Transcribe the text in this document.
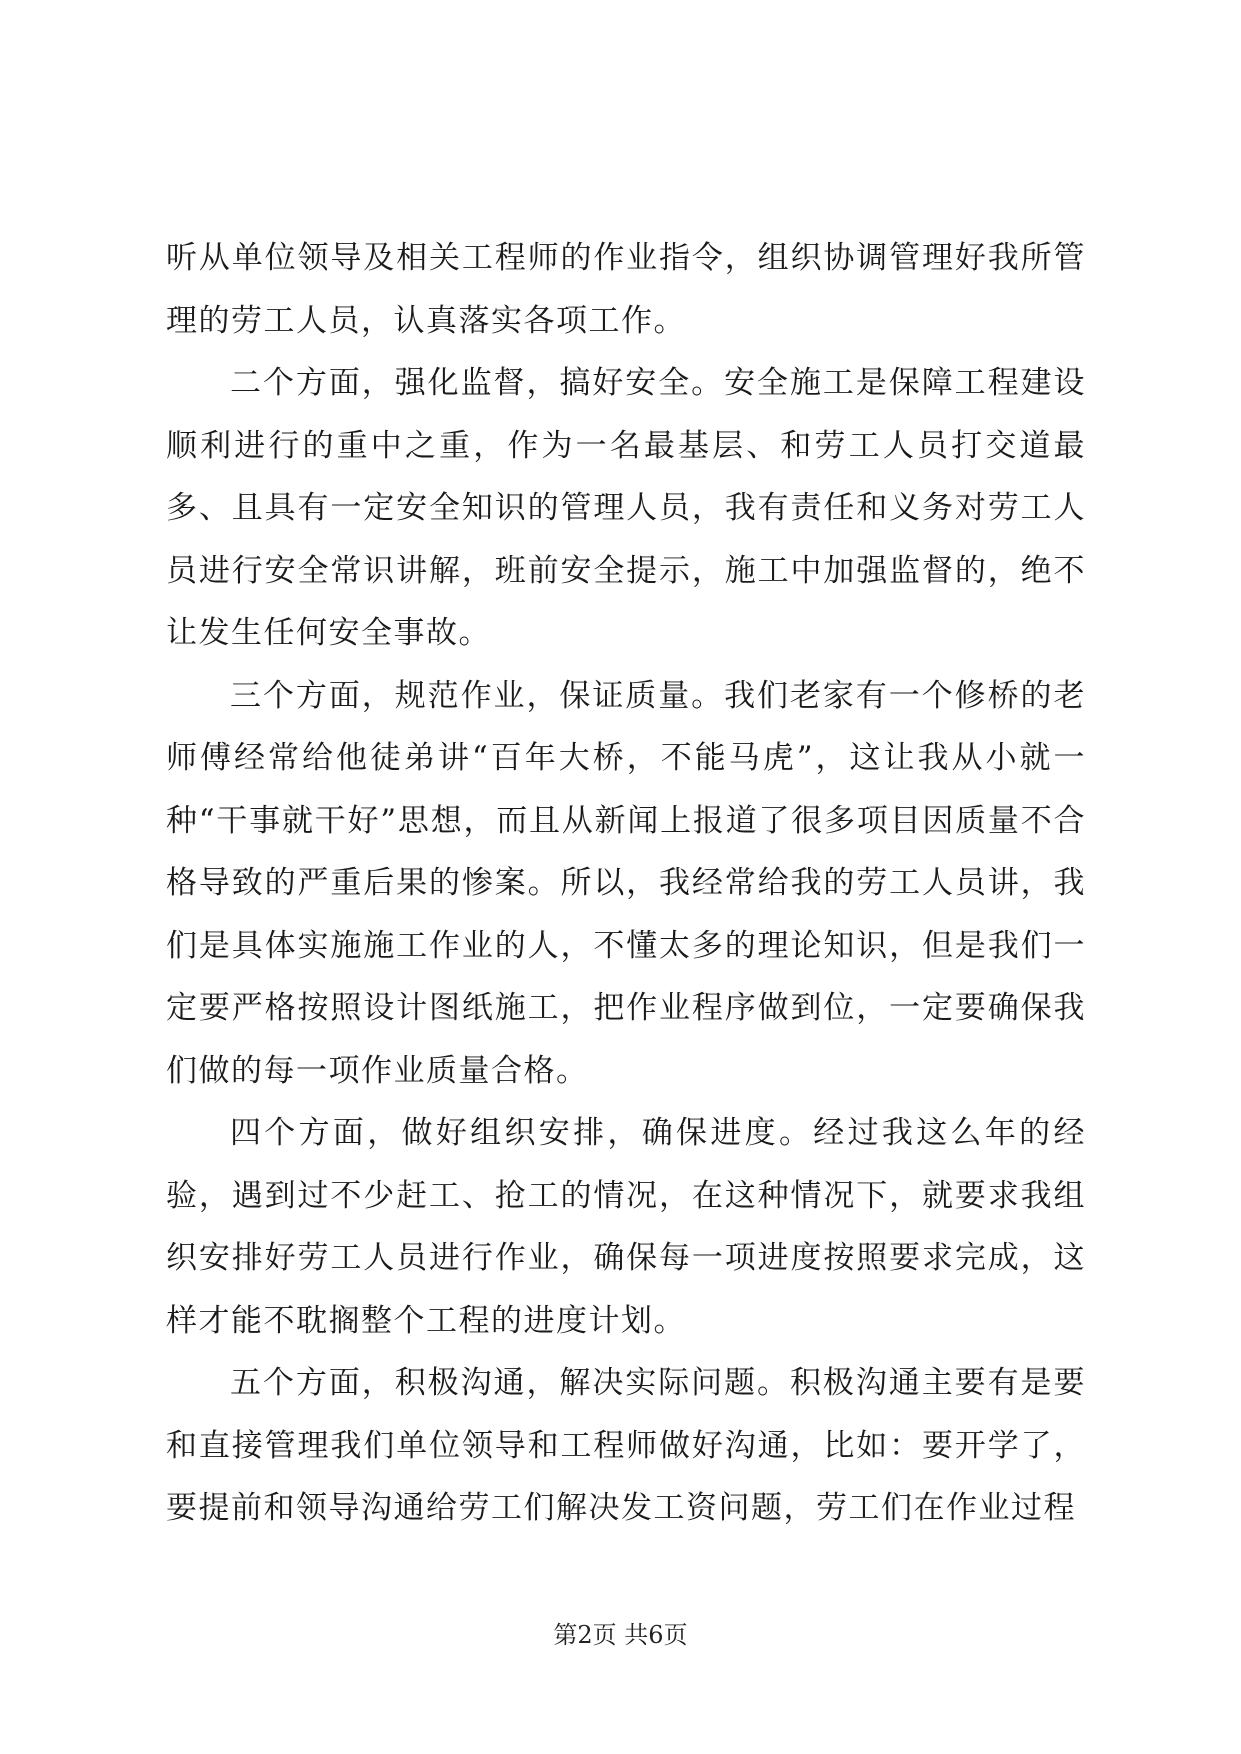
听从单位领导及相关工程师的作业指令，组织协调管理好我所管理的劳工人员，认真落实各项工作。

二个方面，强化监督，搞好安全。安全施工是保障工程建设顺利进行的重中之重，作为一名最基层、和劳工人员打交道最多、且具有一定安全知识的管理人员，我有责任和义务对劳工人员进行安全常识讲解，班前安全提示，施工中加强监督的，绝不让发生任何安全事故。

三个方面，规范作业，保证质量。我们老家有一个修桥的老师傅经常给他徒弟讲“百年大桥，不能马虎”，这让我从小就一种“干事就干好”思想，而且从新闻上报道了很多项目因质量不合格导致的严重后果的惨案。所以，我经常给我的劳工人员讲，我们是具体实施施工作业的人，不懂太多的理论知识，但是我们一定要严格按照设计图纸施工，把作业程序做到位，一定要确保我们做的每一项作业质量合格。

四个方面，做好组织安排，确保进度。经过我这么年的经验，遇到过不少赶工、抢工的情况，在这种情况下，就要求我组织安排好劳工人员进行作业，确保每一项进度按照要求完成，这样才能不耽搁整个工程的进度计划。

五个方面，积极沟通，解决实际问题。积极沟通主要有是要和直接管理我们单位领导和工程师做好沟通，比如：要开学了，要提前和领导沟通给劳工们解决发工资问题，劳工们在作业过程

第2页 共6页
